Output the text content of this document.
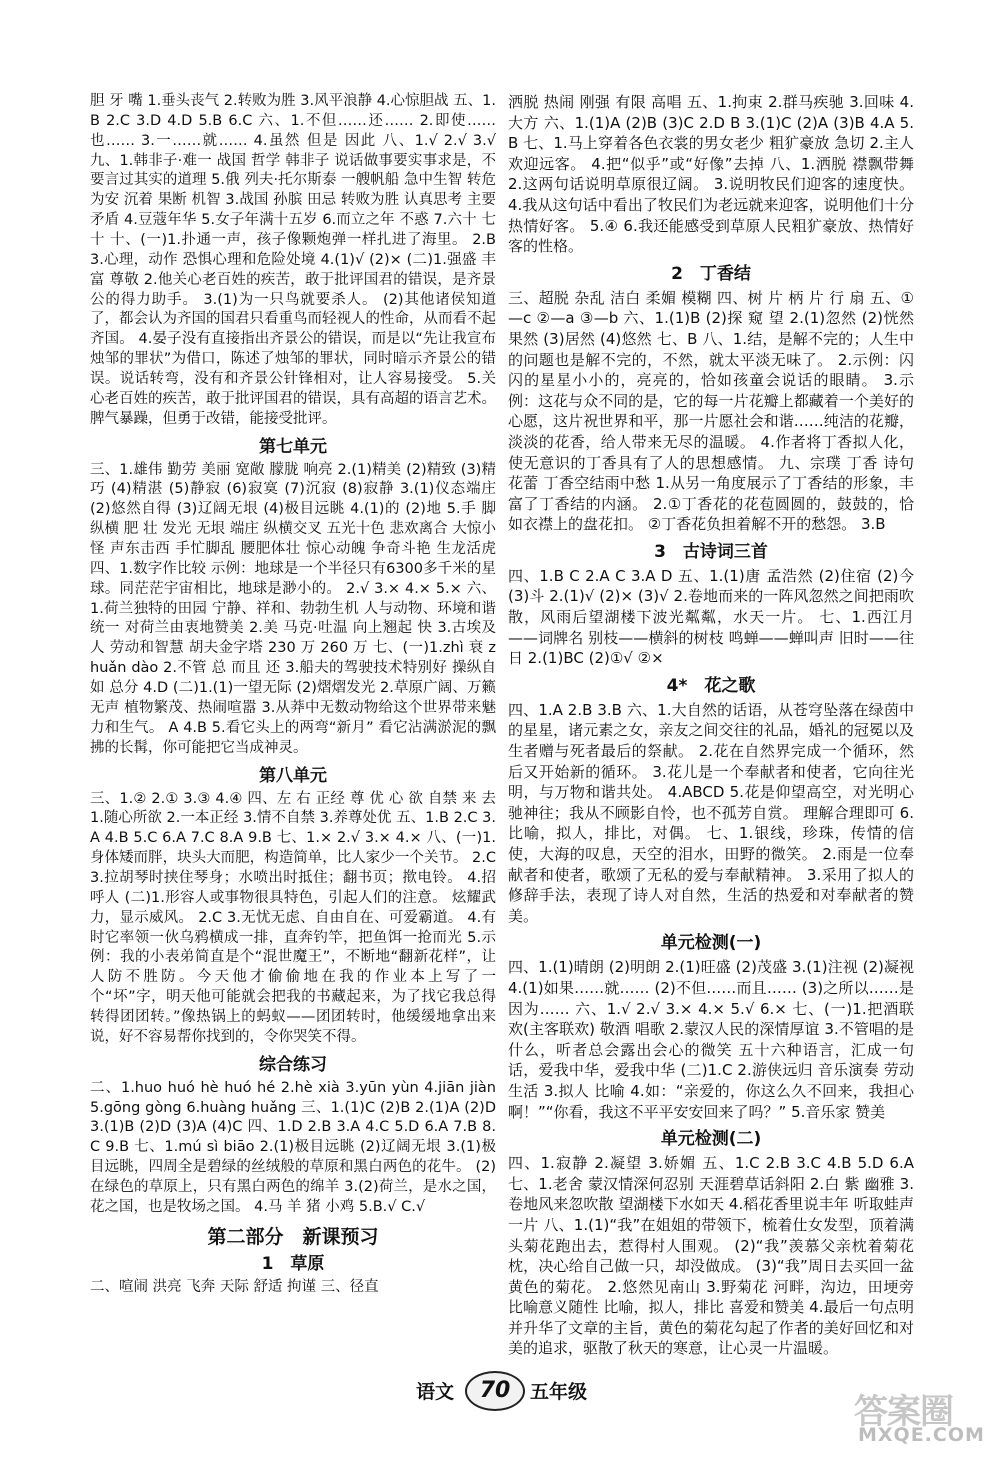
胆 牙 嘴 1.垂头丧气 2.转败为胜 3.风平浪静 4.心惊胆战 五、1.B 2.C 3.D 4.D 5.B 6.C 六、1.不但……还…… 2.即使……也…… 3.一……就…… 4.虽然 但是 因此 八、1.√ 2.√ 3.√ 九、1.韩非子·难一 战国 哲学 韩非子 说话做事要实事求是，不要言过其实的道理 5.俄 列夫·托尔斯泰 一艘帆船 急中生智 转危为安 沉着 果断 机智 3.战国 孙膑 田忌 转败为胜 认真思考 主要矛盾 4.豆蔻年华 5.女子年满十五岁 6.而立之年 不惑 7.六十 七十 十、(一)1.扑通一声，孩子像颗炮弹一样扎进了海里。 2.B 3.心理，动作 恐惧心理和危险处境 4.(1)√ (2)× (二)1.强盛 丰富 尊敬 2.他关心老百姓的疾苦，敢于批评国君的错误，是齐景公的得力助手。 3.(1)为一只鸟就要杀人。 (2)其他诸侯知道了，都会认为齐国的国君只看重鸟而轻视人的性命，从而看不起齐国。 4.晏子没有直接指出齐景公的错误，而是以“先让我宣布烛邹的罪状”为借口，陈述了烛邹的罪状，同时暗示齐景公的错误。说话转弯，没有和齐景公针锋相对，让人容易接受。 5.关心老百姓的疾苦，敢于批评国君的错误，具有高超的语言艺术。 脾气暴躁，但勇于改错，能接受批评。
第七单元
三、1.雄伟 勤劳 美丽 宽敞 朦胧 响亮 2.(1)精美 (2)精致 (3)精巧 (4)精湛 (5)静寂 (6)寂寞 (7)沉寂 (8)寂静 3.(1)仪态端庄 (2)悠然自得 (3)辽阔无垠 (4)极目远眺 4.(1)的 (2)地 5.手 脚 纵横 肥 壮 发光 无垠 端庄 纵横交叉 五光十色 悲欢离合 大惊小怪 声东击西 手忙脚乱 腰肥体壮 惊心动魄 争奇斗艳 生龙活虎 四、1.数字作比较 示例：地球是一个半径只有6300多千米的星球。同茫茫宇宙相比，地球是渺小的。 2.√ 3.× 4.× 5.× 六、1.荷兰独特的田园 宁静、祥和、勃勃生机 人与动物、环境和谐统一 对荷兰由衷地赞美 2.美 马克·吐温 向上翘起 快 3.古埃及人 劳动和智慧 胡夫金字塔 230 万 260 万 七、(一)1.zhì 衰 zhuǎn dào 2.不管 总 而且 还 3.船夫的驾驶技术特别好 操纵自如 总分 4.D (二)1.(1)一望无际 (2)熠熠发光 2.草原广阔、万籁无声 植物繁茂、热闹喧嚣 3.从莽中无数动物给这个世界带来魅力和生气。 A 4.B 5.看它头上的两弯“新月” 看它沾满淤泥的飘拂的长髯，你可能把它当成神灵。
第八单元
三、1.② 2.① 3.③ 4.④ 四、左 右 正经 尊 优 心 欲 自禁 来 去 1.随心所欲 2.一本正经 3.情不自禁 3.养尊处优 五、1.B 2.C 3.A 4.B 5.C 6.A 7.C 8.A 9.B 七、1.× 2.√ 3.× 4.× 八、(一)1.身体矮而胖，块头大而肥，构造简单，比人家少一个关节。 2.C 3.拉胡琴时挟住琴身；水喷出时抵住；翻书页；揿电铃。 4.招呼人 (二)1.形容人或事物很具特色，引起人们的注意。 炫耀武力，显示威风。 2.C 3.无忧无虑、自由自在、可爱霸道。 4.有时它率领一伙乌鸦横成一排，直奔钓竿，把鱼饵一抢而光 5.示例：我的小表弟简直是个“混世魔王”，不断地“翻新花样”，让人防不胜防。今天他才偷偷地在我的作业本上写了一个“坏”字，明天他可能就会把我的书藏起来，为了找它我总得转得团团转。”像热锅上的蚂蚁——团团转时，他缓缓地拿出来说，好不容易帮你找到的，令你哭笑不得。
综合练习
二、1.huo huó hè huó hé 2.hè xià 3.yūn yùn 4.jiān jiàn 5.gōng gòng 6.huàng huǎng 三、1.(1)C (2)B 2.(1)A (2)D 3.(1)B (2)D (3)A (4)C 四、1.D 2.B 3.A 4.C 5.D 6.A 7.B 8.C 9.B 七、1.mú sì biāo 2.(1)极目远眺 (2)辽阔无垠 3.(1)极目远眺，四周全是碧绿的丝绒般的草原和黑白两色的花牛。 (2)在绿色的草原上，只有黑白两色的绵羊 3.(2)荷兰，是水之国，花之国，也是牧场之国。 4.马 羊 猪 小鸡 5.B.√ C.√
第二部分　新课预习
1　草原
二、喧闹 洪亮 飞奔 天际 舒适 拘谨 三、径直
洒脱 热闹 刚强 有限 高唱 五、1.拘束 2.群马疾驰 3.回味 4.大方 六、1.(1)A (2)B (3)C 2.D B 3.(1)C (2)A (3)B 4.A 5.B 七、1.马上穿着各色衣裳的男女老少 粗犷豪放 急切 2.主人欢迎远客。 4.把“似乎”或“好像”去掉 八、1.洒脱 襟飘带舞 2.这两句话说明草原很辽阔。 3.说明牧民们迎客的速度快。 4.我从这句话中看出了牧民们为老远就来迎客，说明他们十分热情好客。 5.④ 6.我还能感受到草原人民粗犷豪放、热情好客的性格。
2　丁香结
三、超脱 杂乱 洁白 柔媚 模糊 四、树 片 柄 片 行 扇 五、①—c ②—a ③—b 六、1.(1)B (2)探 窥 望 2.(1)忽然 (2)恍然 果然 (3)居然 (4)悠然 七、B 八、1.结，是解不完的；人生中的问题也是解不完的，不然，就太平淡无味了。 2.示例：闪闪的星星小小的，亮亮的，恰如孩童会说话的眼睛。 3.示例：这花与众不同的是，它的每一片花瓣上都藏着一个美好的心愿，这片祝世界和平，那一片愿社会和谐……纯洁的花瓣，淡淡的花香，给人带来无尽的温暖。 4.作者将丁香拟人化，使无意识的丁香具有了人的思想感情。 九、宗璞 丁香 诗句 花蕾 丁香空结雨中愁 1.从另一角度展示了丁香结的形象，丰富了丁香结的内涵。 2.①丁香花的花苞圆圆的，鼓鼓的，恰如衣襟上的盘花扣。 ②丁香花负担着解不开的愁怨。 3.B
3　古诗词三首
四、1.B C 2.A C 3.A D 五、1.(1)唐 孟浩然 (2)住宿 (2)今 (3)斗 2.(1)√ (2)× (3)√ 2.卷地而来的一阵风忽然之间把雨吹散，风雨后望湖楼下波光粼粼，水天一片。 七、1.西江月——词牌名 别枝——横斜的树枝 鸣蝉——蝉叫声 旧时——往日 2.(1)BC (2)①√ ②×
4*　花之歌
四、1.A 2.B 3.B 六、1.大自然的话语，从苍穹坠落在绿茵中的星星，诸元素之女，亲友之间交往的礼品，婚礼的冠冕以及生者赠与死者最后的祭献。 2.花在自然界完成一个循环，然后又开始新的循环。 3.花儿是一个奉献者和使者，它向往光明，与万物和谐共处。 4.ABCD 5.花是仰望高空，对光明心驰神往；我从不顾影自怜，也不孤芳自赏。 理解合理即可 6.比喻，拟人，排比，对偶。 七、1.银线，珍珠，传情的信使，大海的叹息，天空的泪水，田野的微笑。 2.雨是一位奉献者和使者，歌颂了无私的爱与奉献精神。 3.采用了拟人的修辞手法，表现了诗人对自然，生活的热爱和对奉献者的赞美。
单元检测(一)
四、1.(1)晴朗 (2)明朗 2.(1)旺盛 (2)茂盛 3.(1)注视 (2)凝视 4.(1)如果……就…… (2)不但……而且…… (3)之所以……是因为…… 六、1.√ 2.√ 3.× 4.× 5.√ 6.× 七、(一)1.把酒联欢(主客联欢) 敬酒 唱歌 2.蒙汉人民的深情厚谊 3.不管唱的是什么，听者总会露出会心的微笑 五十六种语言，汇成一句话，爱我中华，爱我中华 (二)1.C 2.游侠远归 音乐演奏 劳动生活 3.拟人 比喻 4.如：“亲爱的，你这么久不回来，我担心啊！”“你看，我这不平平安安回来了吗？” 5.音乐家 赞美
单元检测(二)
四、1.寂静 2.凝望 3.娇媚 五、1.C 2.B 3.C 4.B 5.D 6.A 七、1.老舍 蒙汉情深何忍别 天涯碧草话斜阳 2.白 紫 幽雅 3.卷地风来忽吹散 望湖楼下水如天 4.稻花香里说丰年 听取蛙声一片 八、1.(1)“我”在姐姐的带领下，梳着仕女发型，顶着满头菊花跑出去，惹得村人围观。 (2)“我”羡慕父亲枕着菊花枕，决心给自己做一只，却没做成。 (3)“我”周日去买回一盆黄色的菊花。 2.悠然见南山 3.野菊花 河畔，沟边，田埂旁 比喻意义随性 比喻，拟人，排比 喜爱和赞美 4.最后一句点明并升华了文章的主旨，黄色的菊花勾起了作者的美好回忆和对美的追求，驱散了秋天的寒意，让心灵一片温暖。
语文	70	五年级	答案圈
MXQE.COM
